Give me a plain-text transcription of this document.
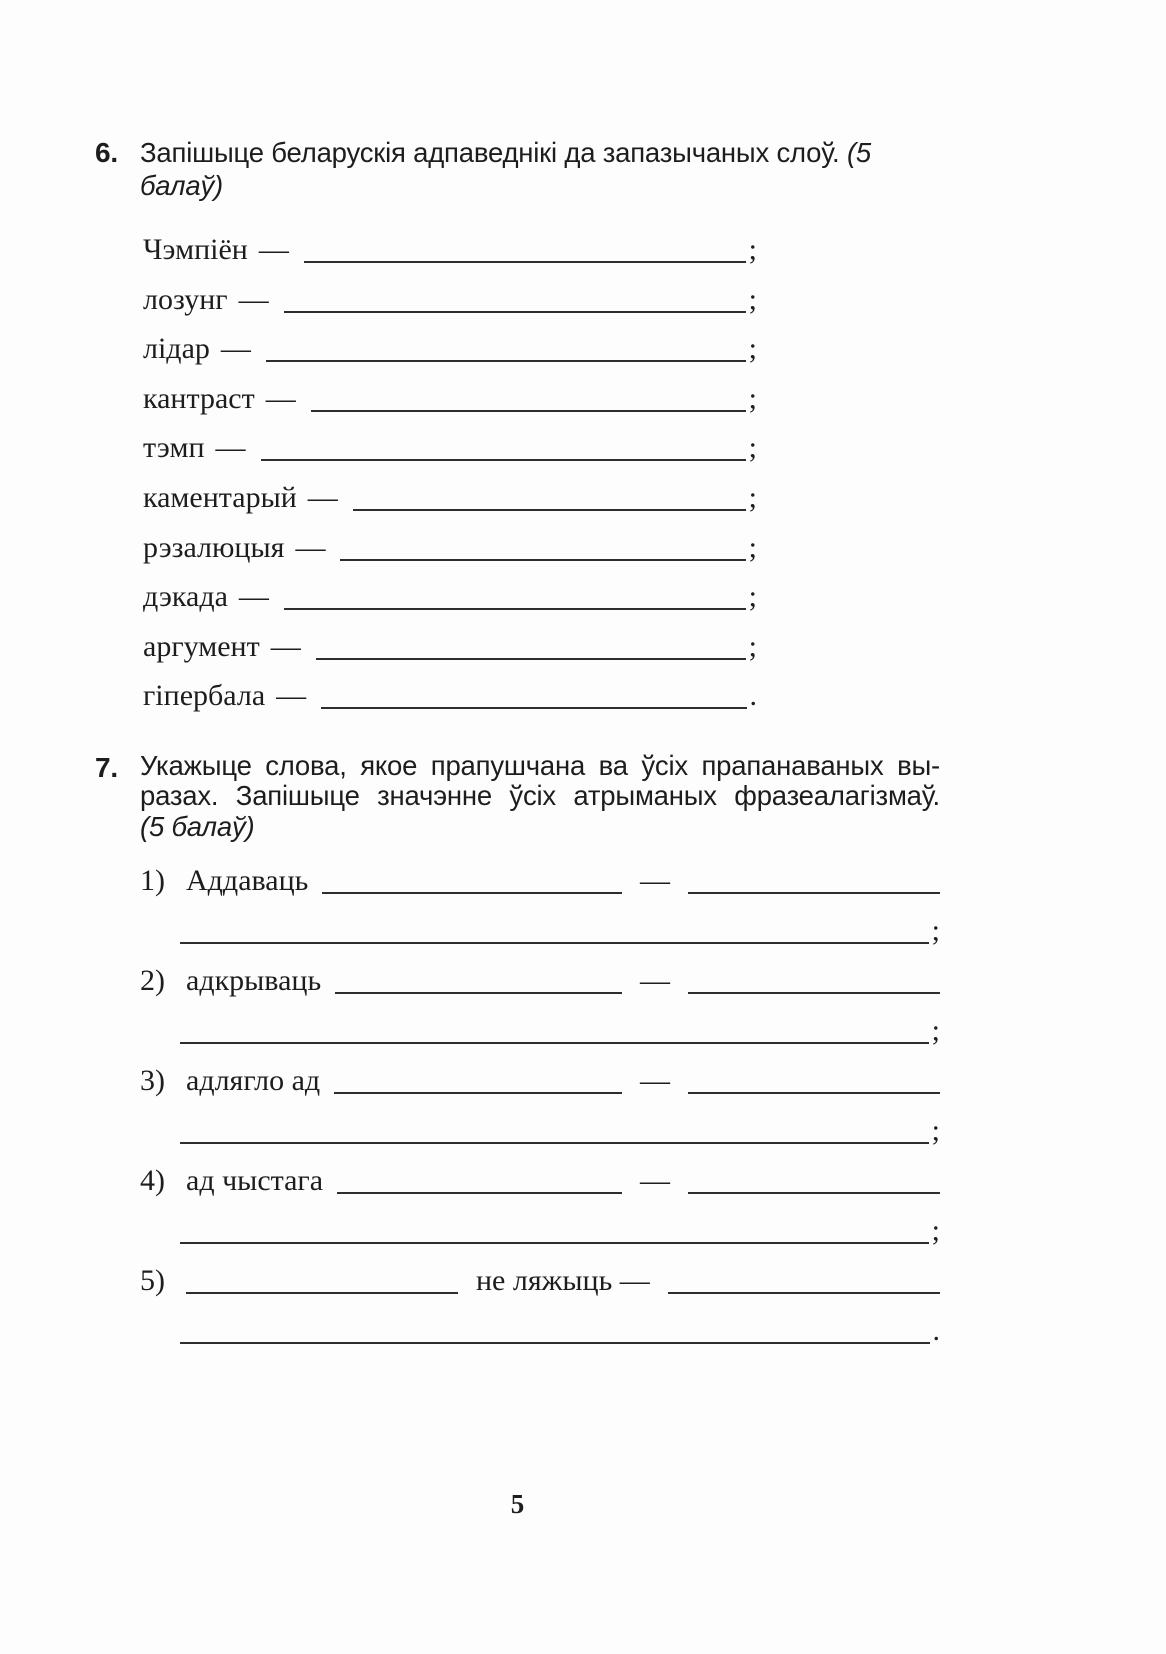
6. Запішыце беларускія адпаведнікі да запазычаных слоў. (5 балаў)
Чэмпіён —	;
лозунг —	;
лідар —	;
кантраст —	;
тэмп —	;
каментарый —	;
рэзалюцыя —	;
дэкада —	;
аргумент —	;
гіпербала —	.
7. Укажыце слова, якое прапушчана ва ўсіх прапанаваных вы-
разах. Запішыце значэнне ўсіх атрыманых фразеалагізмаў.
(5 балаў)
1) Аддаваць	—
;
2) адкрываць	—
;
3) адлягло ад	—
;
4) ад чыстага	—
;
5)	не ляжыць —
.
5
